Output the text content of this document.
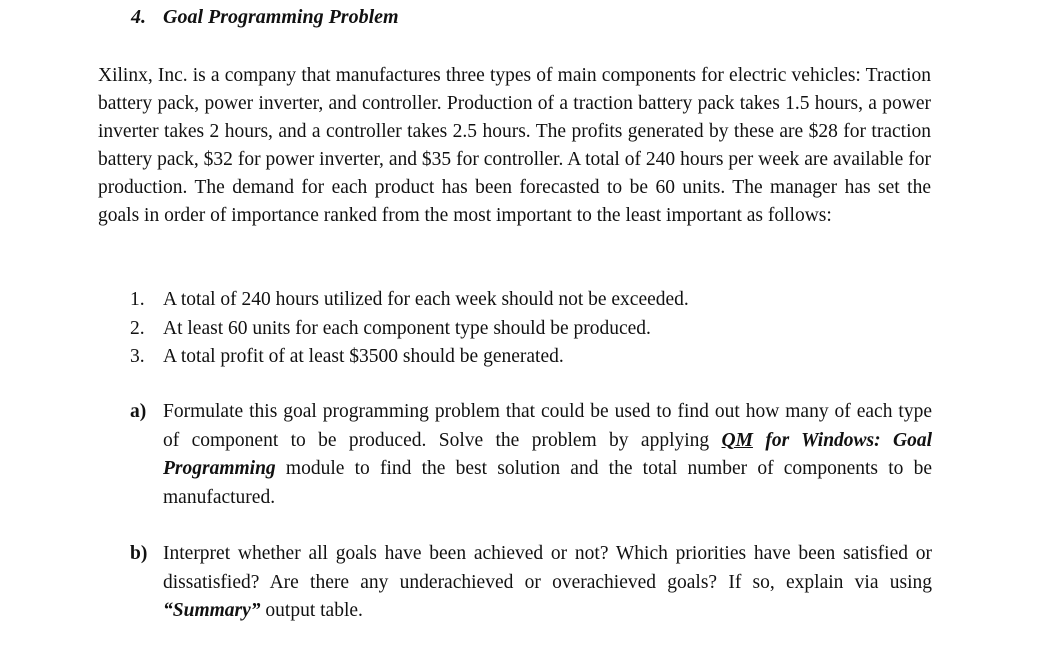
4. Goal Programming Problem

Xilinx, Inc. is a company that manufactures three types of main components for electric vehicles: Traction battery pack, power inverter, and controller. Production of a traction battery pack takes 1.5 hours, a power inverter takes 2 hours, and a controller takes 2.5 hours. The profits generated by these are $28 for traction battery pack, $32 for power inverter, and $35 for controller. A total of 240 hours per week are available for production. The demand for each product has been forecasted to be 60 units. The manager has set the goals in order of importance ranked from the most important to the least important as follows:

1. A total of 240 hours utilized for each week should not be exceeded.
2. At least 60 units for each component type should be produced.
3. A total profit of at least $3500 should be generated.
a) Formulate this goal programming problem that could be used to find out how many of each type of component to be produced. Solve the problem by applying QM for Windows: Goal Programming module to find the best solution and the total number of components to be manufactured.
b) Interpret whether all goals have been achieved or not? Which priorities have been satisfied or dissatisfied? Are there any underachieved or overachieved goals? If so, explain via using “Summary” output table.
